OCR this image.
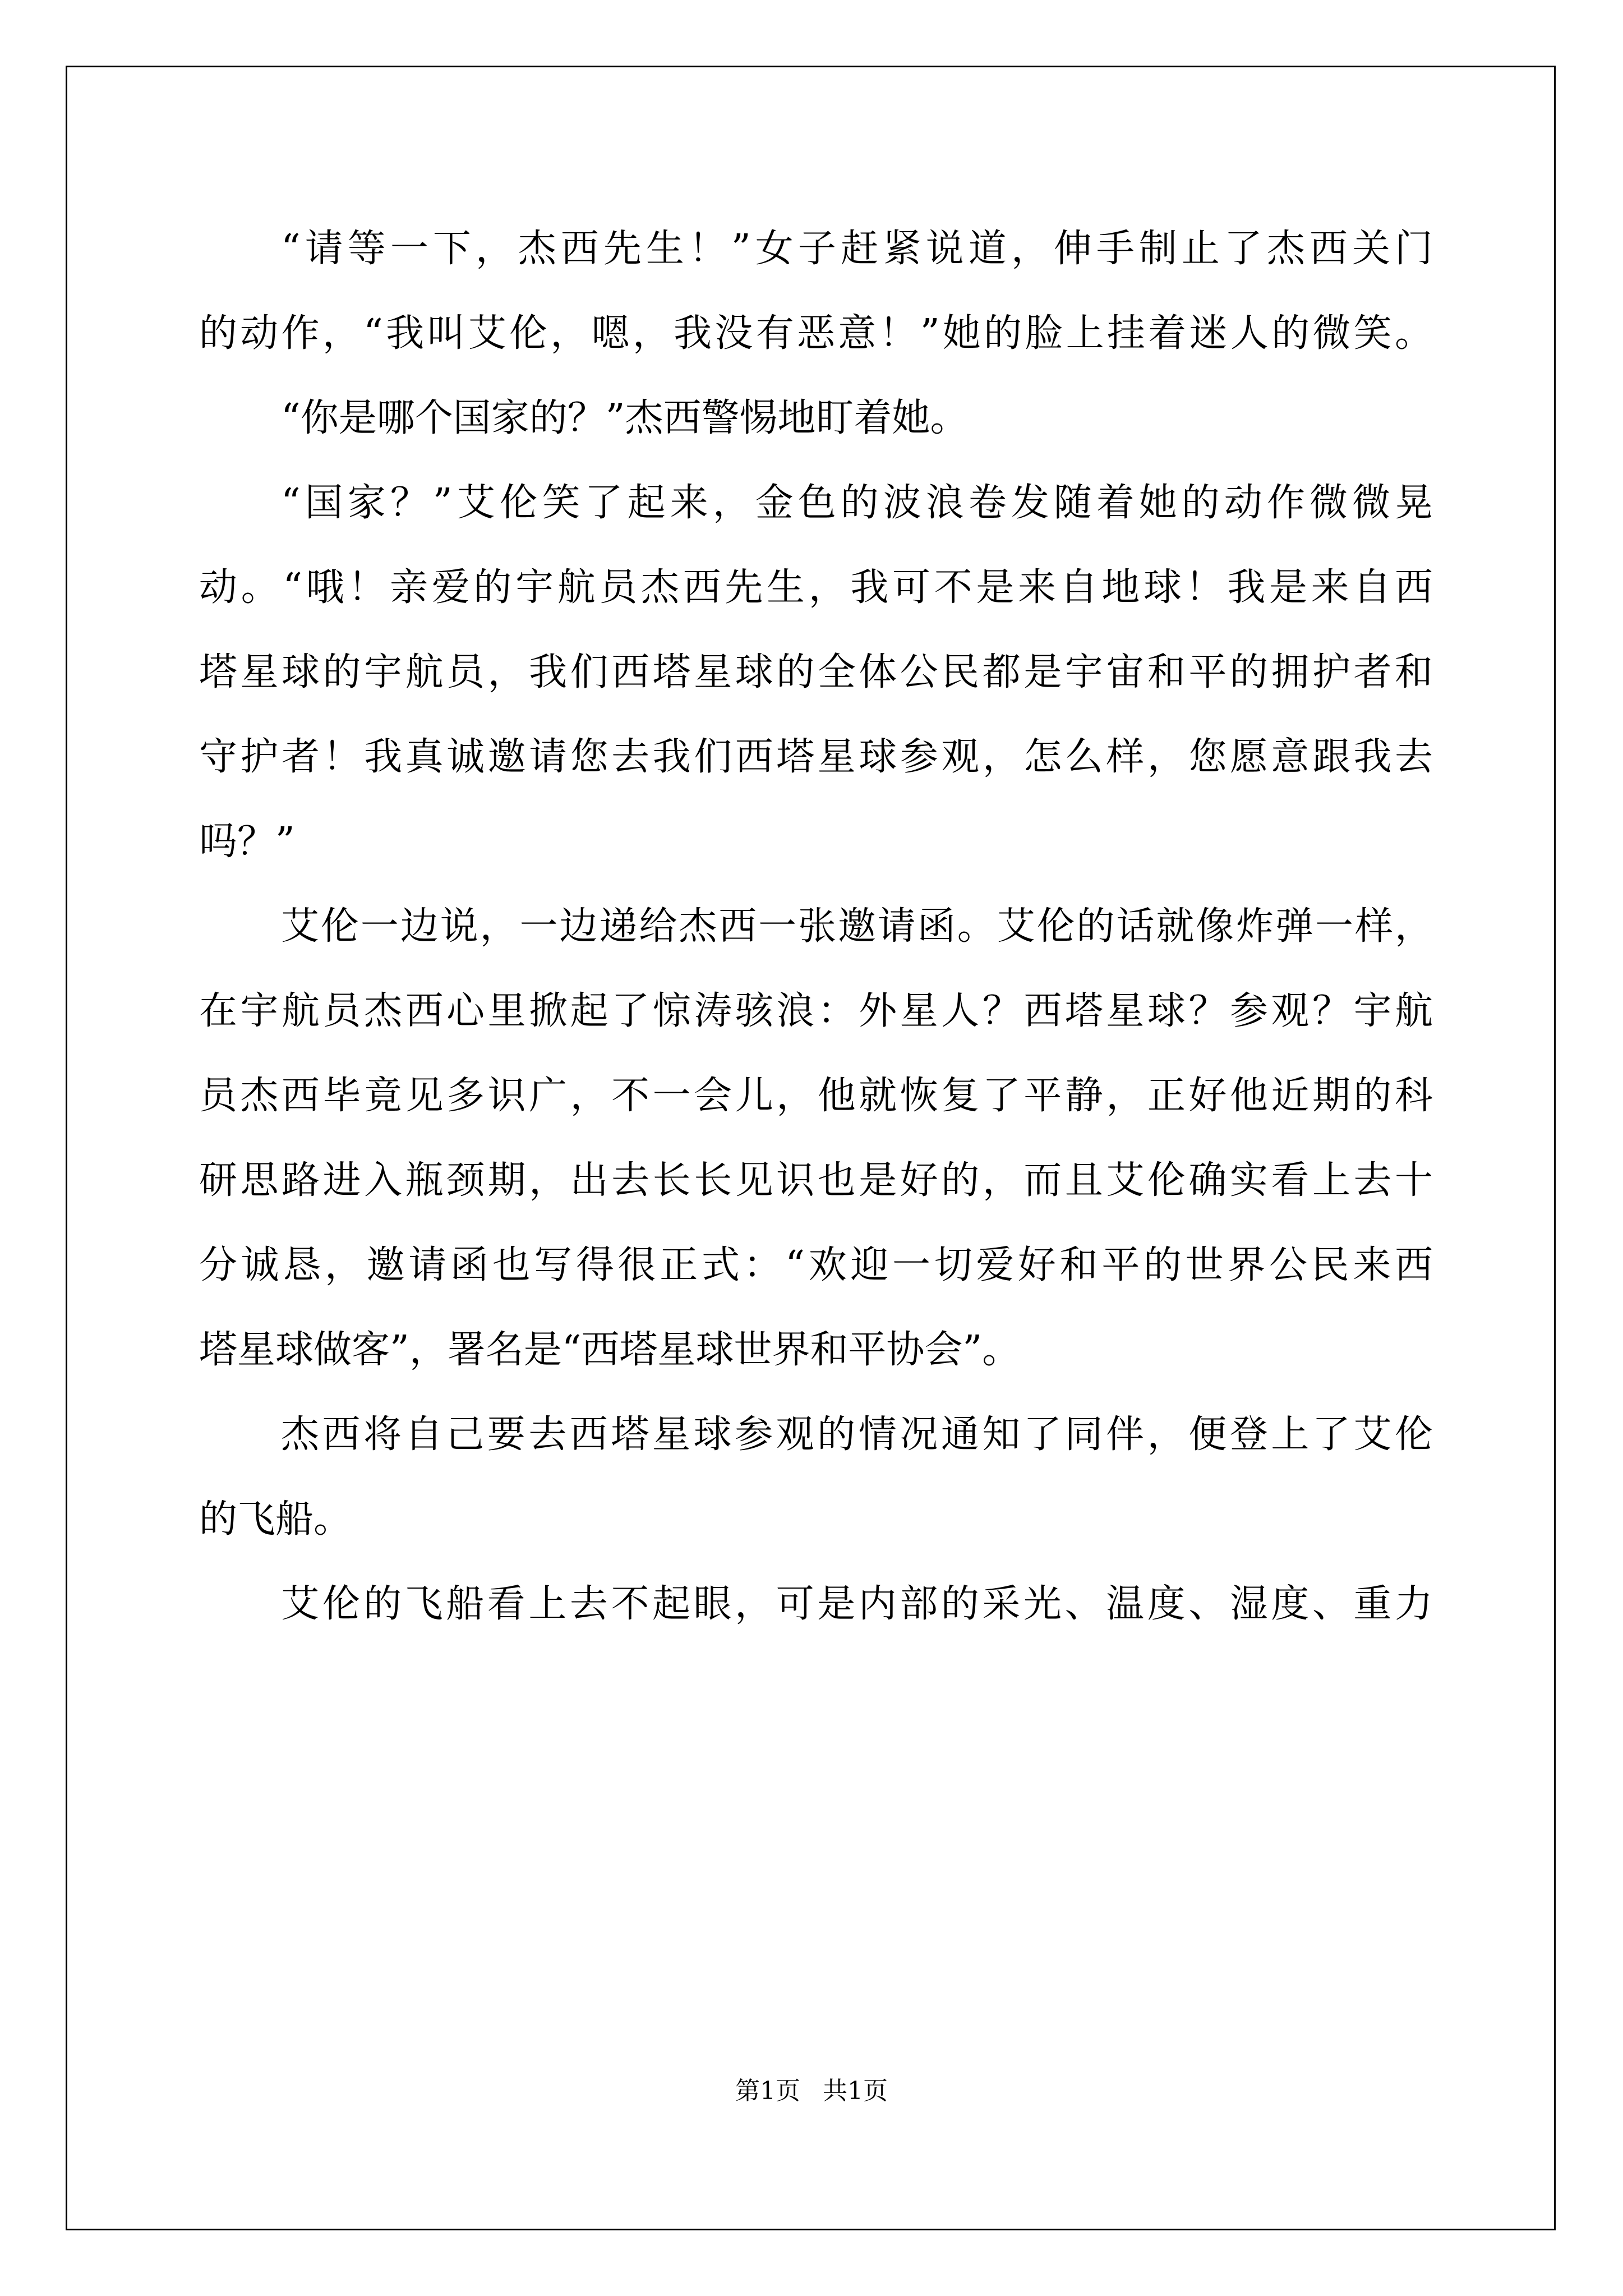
“请等一下，杰西先生！”女子赶紧说道，伸手制止了杰西关门
的动作，“我叫艾伦，嗯，我没有恶意！”她的脸上挂着迷人的微笑。
“你是哪个国家的？”杰西警惕地盯着她。
“国家？”艾伦笑了起来，金色的波浪卷发随着她的动作微微晃
动。“哦！亲爱的宇航员杰西先生，我可不是来自地球！我是来自西
塔星球的宇航员，我们西塔星球的全体公民都是宇宙和平的拥护者和
守护者！我真诚邀请您去我们西塔星球参观，怎么样，您愿意跟我去
吗？”
艾伦一边说，一边递给杰西一张邀请函。艾伦的话就像炸弹一样，
在宇航员杰西心里掀起了惊涛骇浪：外星人？西塔星球？参观？宇航
员杰西毕竟见多识广，不一会儿，他就恢复了平静，正好他近期的科
研思路进入瓶颈期，出去长长见识也是好的，而且艾伦确实看上去十
分诚恳，邀请函也写得很正式：“欢迎一切爱好和平的世界公民来西
塔星球做客”，署名是“西塔星球世界和平协会”。
杰西将自己要去西塔星球参观的情况通知了同伴，便登上了艾伦
的飞船。
艾伦的飞船看上去不起眼，可是内部的采光、温度、湿度、重力
第1页 共1页
